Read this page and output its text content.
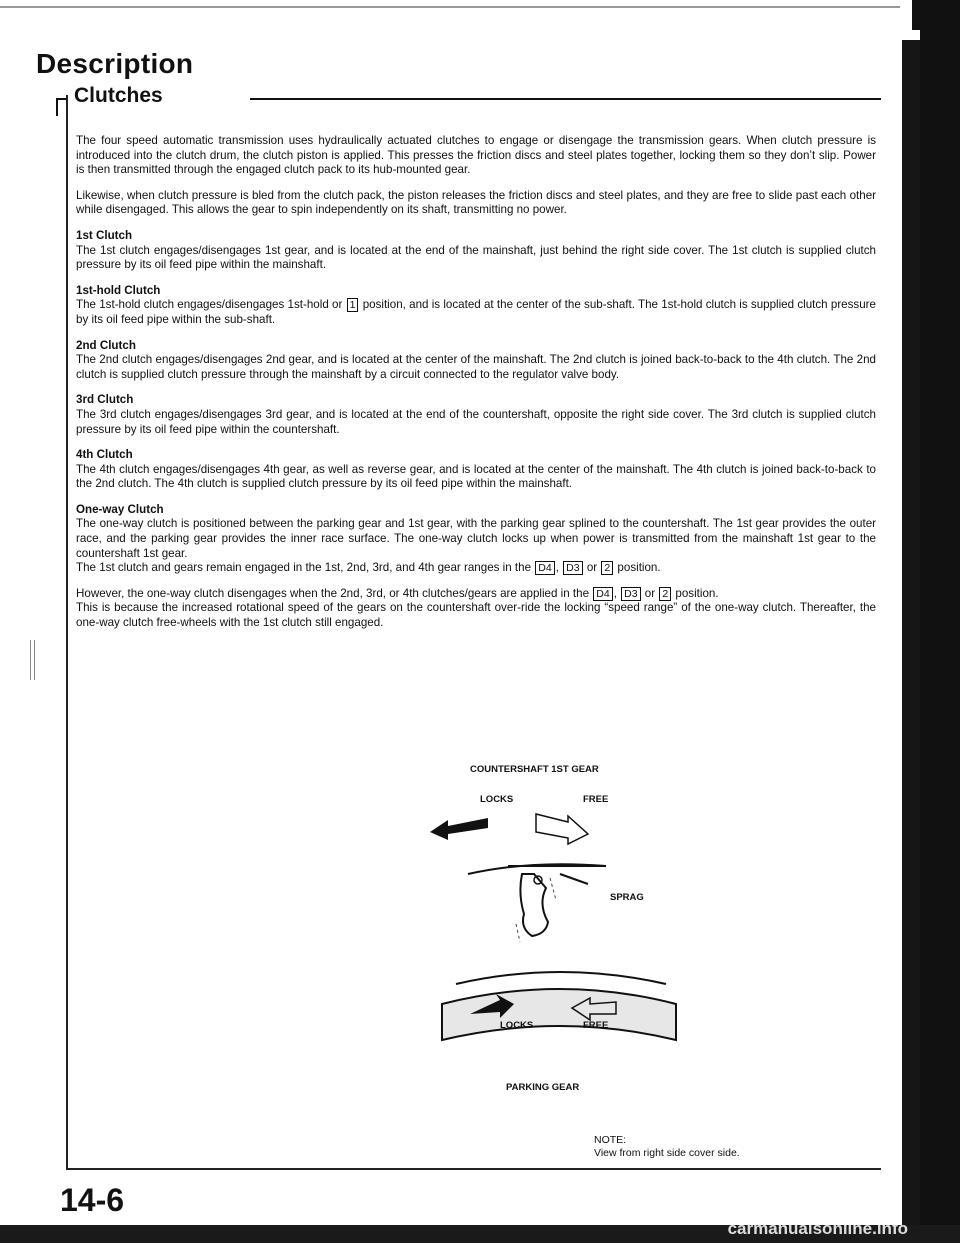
Description
Clutches

The four speed automatic transmission uses hydraulically actuated clutches to engage or disengage the transmission gears. When clutch pressure is introduced into the clutch drum, the clutch piston is applied. This presses the friction discs and steel plates together, locking them so they don’t slip. Power is then transmitted through the engaged clutch pack to its hub-mounted gear.

Likewise, when clutch pressure is bled from the clutch pack, the piston releases the friction discs and steel plates, and they are free to slide past each other while disengaged. This allows the gear to spin independently on its shaft, transmitting no power.

1st Clutch
The 1st clutch engages/disengages 1st gear, and is located at the end of the mainshaft, just behind the right side cover. The 1st clutch is supplied clutch pressure by its oil feed pipe within the mainshaft.

1st-hold Clutch
The 1st-hold clutch engages/disengages 1st-hold or 1 position, and is located at the center of the sub-shaft. The 1st-hold clutch is supplied clutch pressure by its oil feed pipe within the sub-shaft.

2nd Clutch
The 2nd clutch engages/disengages 2nd gear, and is located at the center of the mainshaft. The 2nd clutch is joined back-to-back to the 4th clutch. The 2nd clutch is supplied clutch pressure through the mainshaft by a circuit connected to the regulator valve body.

3rd Clutch
The 3rd clutch engages/disengages 3rd gear, and is located at the end of the countershaft, opposite the right side cover. The 3rd clutch is supplied clutch pressure by its oil feed pipe within the countershaft.

4th Clutch
The 4th clutch engages/disengages 4th gear, as well as reverse gear, and is located at the center of the mainshaft. The 4th clutch is joined back-to-back to the 2nd clutch. The 4th clutch is supplied clutch pressure by its oil feed pipe within the mainshaft.

One-way Clutch
The one-way clutch is positioned between the parking gear and 1st gear, with the parking gear splined to the countershaft. The 1st gear provides the outer race, and the parking gear provides the inner race surface. The one-way clutch locks up when power is transmitted from the mainshaft 1st gear to the countershaft 1st gear.
The 1st clutch and gears remain engaged in the 1st, 2nd, 3rd, and 4th gear ranges in the D4 , D3 or 2 position.

However, the one-way clutch disengages when the 2nd, 3rd, or 4th clutches/gears are applied in the D4 , D3 or 2 position.
This is because the increased rotational speed of the gears on the countershaft over-ride the locking “speed range” of the one-way clutch. Thereafter, the one-way clutch free-wheels with the 1st clutch still engaged.

COUNTERSHAFT 1ST GEAR
LOCKS	FREE
SPRAG
LOCKS	FREE
PARKING GEAR
NOTE:
View from right side cover side.
14-6
carmanualsonline.info
